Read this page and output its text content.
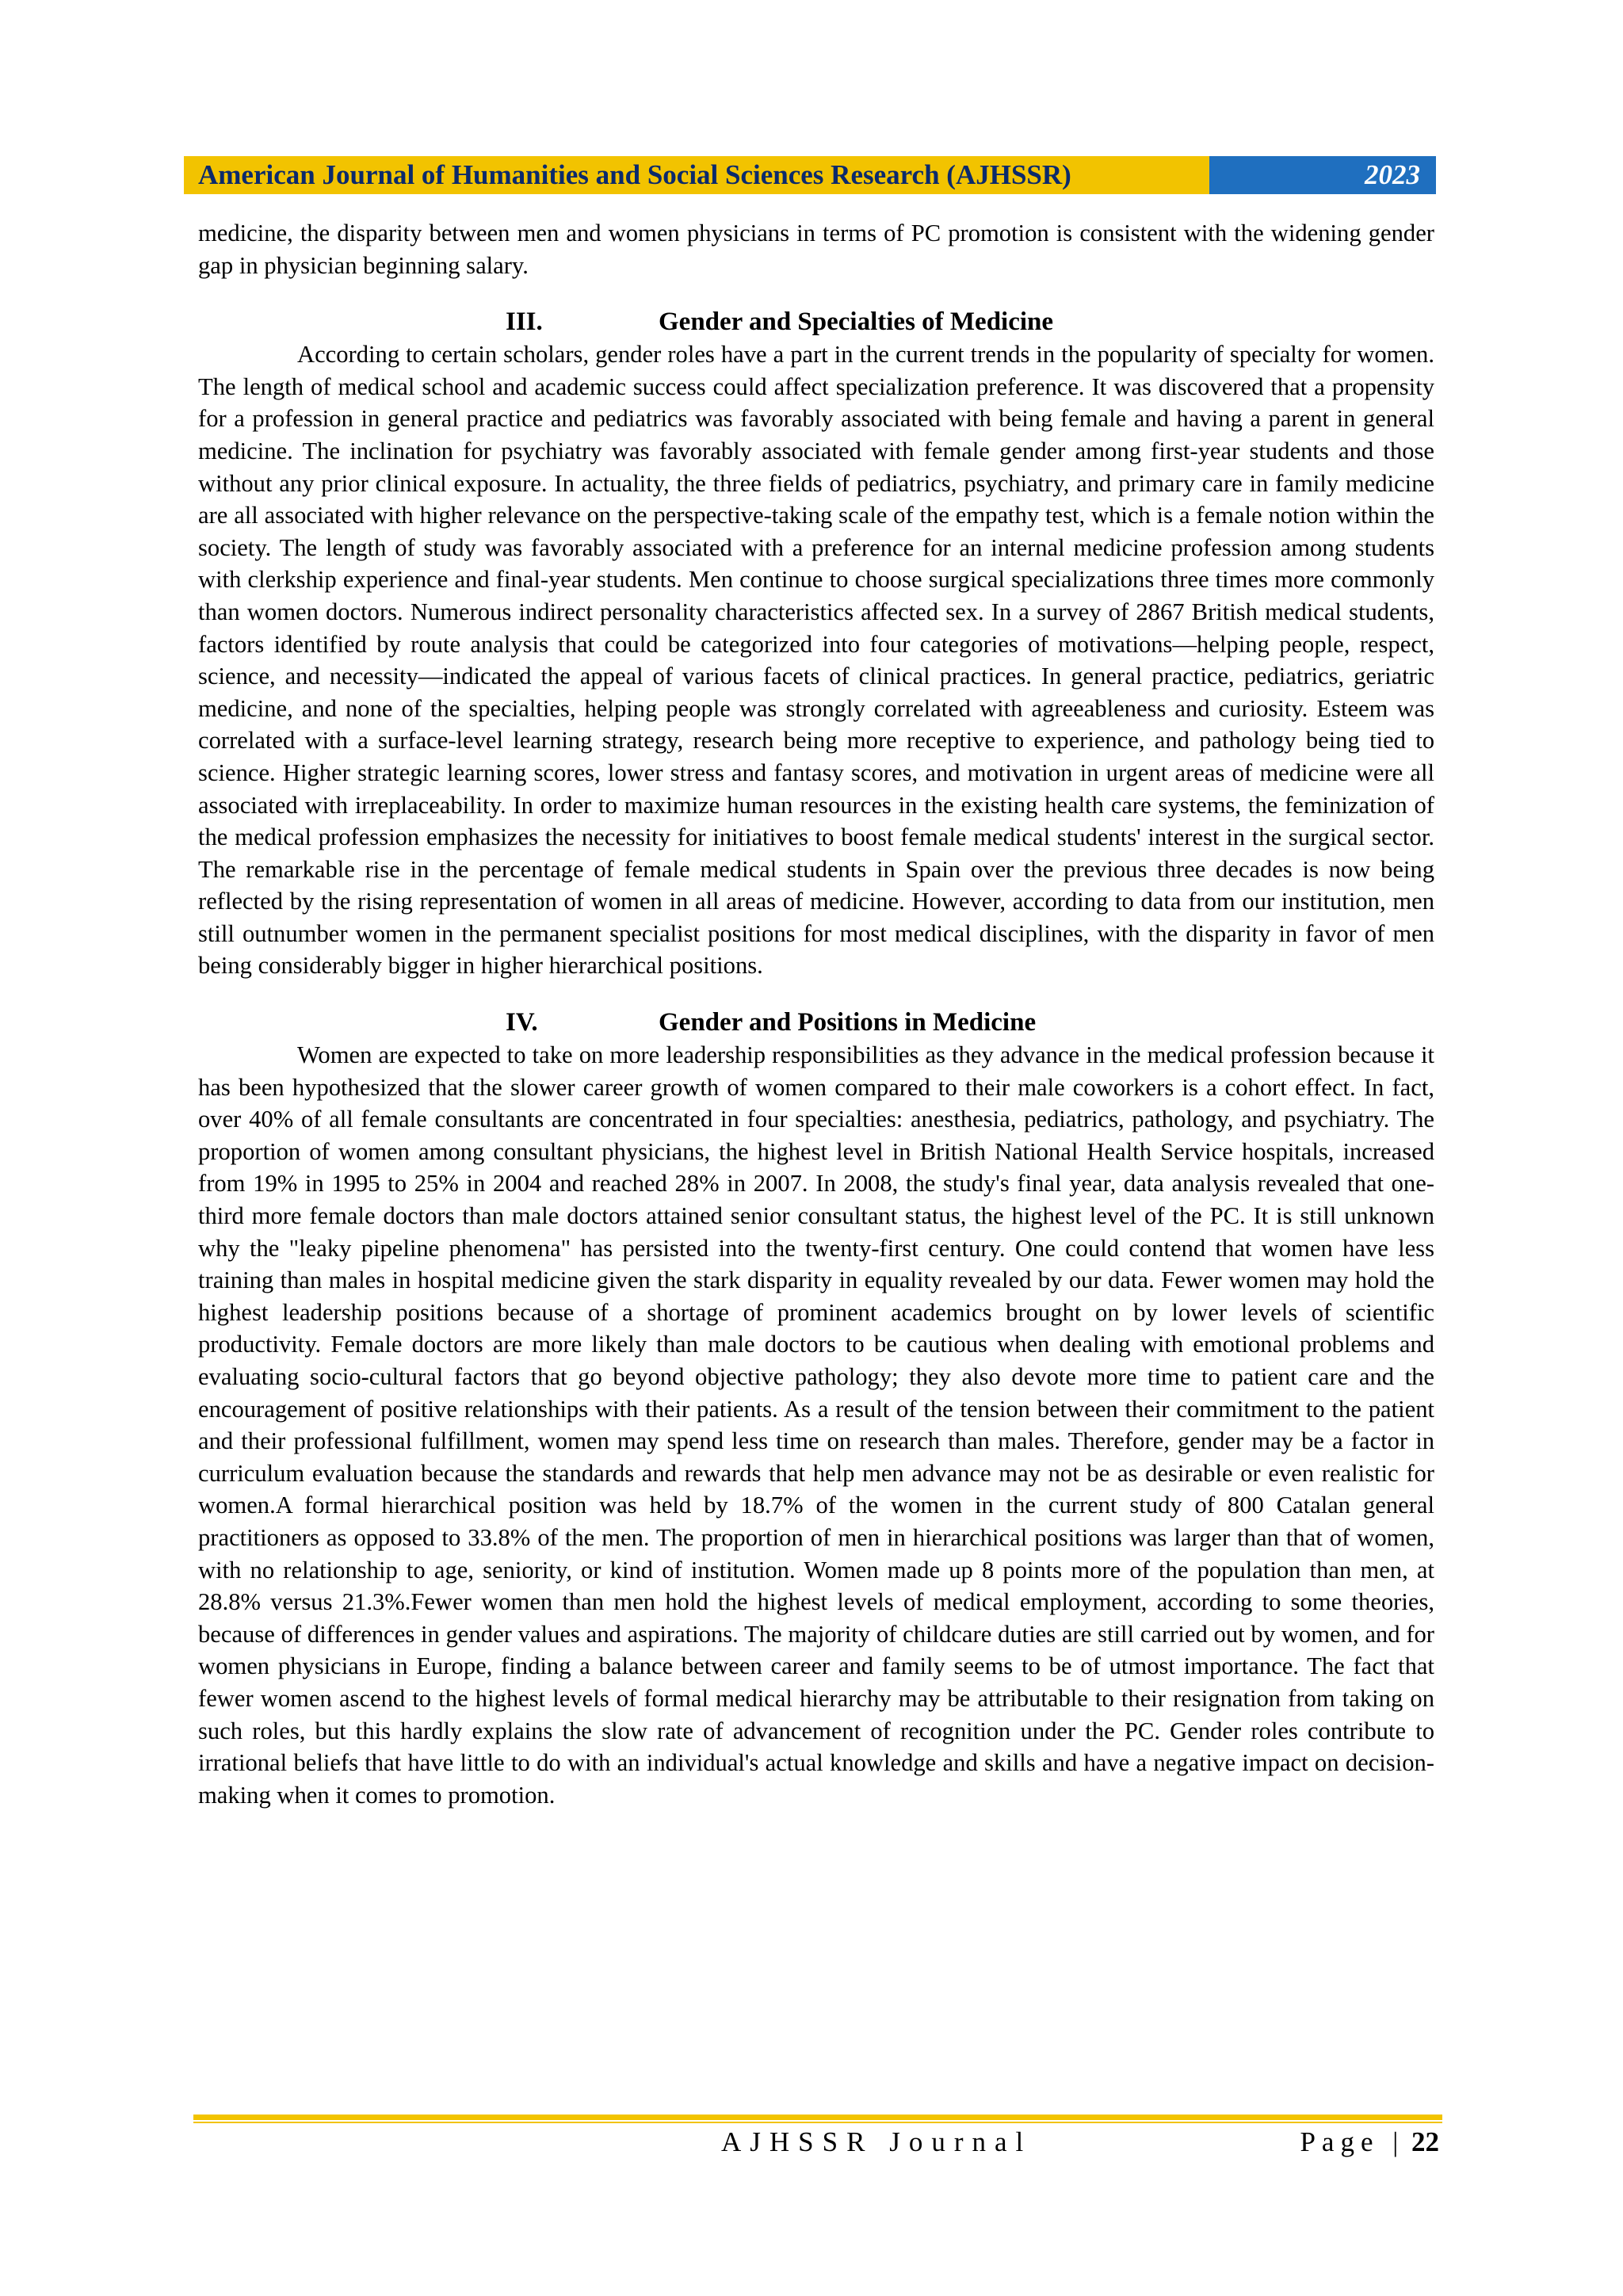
American Journal of Humanities and Social Sciences Research (AJHSSR)	2023

medicine, the disparity between men and women physicians in terms of PC promotion is consistent with the widening gender gap in physician beginning salary.

III.	Gender and Specialties of Medicine

According to certain scholars, gender roles have a part in the current trends in the popularity of specialty for women. The length of medical school and academic success could affect specialization preference. It was discovered that a propensity for a profession in general practice and pediatrics was favorably associated with being female and having a parent in general medicine. The inclination for psychiatry was favorably associated with female gender among first-year students and those without any prior clinical exposure. In actuality, the three fields of pediatrics, psychiatry, and primary care in family medicine are all associated with higher relevance on the perspective-taking scale of the empathy test, which is a female notion within the society. The length of study was favorably associated with a preference for an internal medicine profession among students with clerkship experience and final-year students. Men continue to choose surgical specializations three times more commonly than women doctors. Numerous indirect personality characteristics affected sex. In a survey of 2867 British medical students, factors identified by route analysis that could be categorized into four categories of motivations—helping people, respect, science, and necessity—indicated the appeal of various facets of clinical practices. In general practice, pediatrics, geriatric medicine, and none of the specialties, helping people was strongly correlated with agreeableness and curiosity. Esteem was correlated with a surface-level learning strategy, research being more receptive to experience, and pathology being tied to science. Higher strategic learning scores, lower stress and fantasy scores, and motivation in urgent areas of medicine were all associated with irreplaceability. In order to maximize human resources in the existing health care systems, the feminization of the medical profession emphasizes the necessity for initiatives to boost female medical students' interest in the surgical sector. The remarkable rise in the percentage of female medical students in Spain over the previous three decades is now being reflected by the rising representation of women in all areas of medicine. However, according to data from our institution, men still outnumber women in the permanent specialist positions for most medical disciplines, with the disparity in favor of men being considerably bigger in higher hierarchical positions.

IV.	Gender and Positions in Medicine

Women are expected to take on more leadership responsibilities as they advance in the medical profession because it has been hypothesized that the slower career growth of women compared to their male coworkers is a cohort effect. In fact, over 40% of all female consultants are concentrated in four specialties: anesthesia, pediatrics, pathology, and psychiatry. The proportion of women among consultant physicians, the highest level in British National Health Service hospitals, increased from 19% in 1995 to 25% in 2004 and reached 28% in 2007. In 2008, the study's final year, data analysis revealed that one-third more female doctors than male doctors attained senior consultant status, the highest level of the PC. It is still unknown why the "leaky pipeline phenomena" has persisted into the twenty-first century. One could contend that women have less training than males in hospital medicine given the stark disparity in equality revealed by our data. Fewer women may hold the highest leadership positions because of a shortage of prominent academics brought on by lower levels of scientific productivity. Female doctors are more likely than male doctors to be cautious when dealing with emotional problems and evaluating socio-cultural factors that go beyond objective pathology; they also devote more time to patient care and the encouragement of positive relationships with their patients. As a result of the tension between their commitment to the patient and their professional fulfillment, women may spend less time on research than males. Therefore, gender may be a factor in curriculum evaluation because the standards and rewards that help men advance may not be as desirable or even realistic for women.A formal hierarchical position was held by 18.7% of the women in the current study of 800 Catalan general practitioners as opposed to 33.8% of the men. The proportion of men in hierarchical positions was larger than that of women, with no relationship to age, seniority, or kind of institution. Women made up 8 points more of the population than men, at 28.8% versus 21.3%.Fewer women than men hold the highest levels of medical employment, according to some theories, because of differences in gender values and aspirations. The majority of childcare duties are still carried out by women, and for women physicians in Europe, finding a balance between career and family seems to be of utmost importance. The fact that fewer women ascend to the highest levels of formal medical hierarchy may be attributable to their resignation from taking on such roles, but this hardly explains the slow rate of advancement of recognition under the PC. Gender roles contribute to irrational beliefs that have little to do with an individual's actual knowledge and skills and have a negative impact on decision-making when it comes to promotion.

AJHSSR Journal	Page | 22
